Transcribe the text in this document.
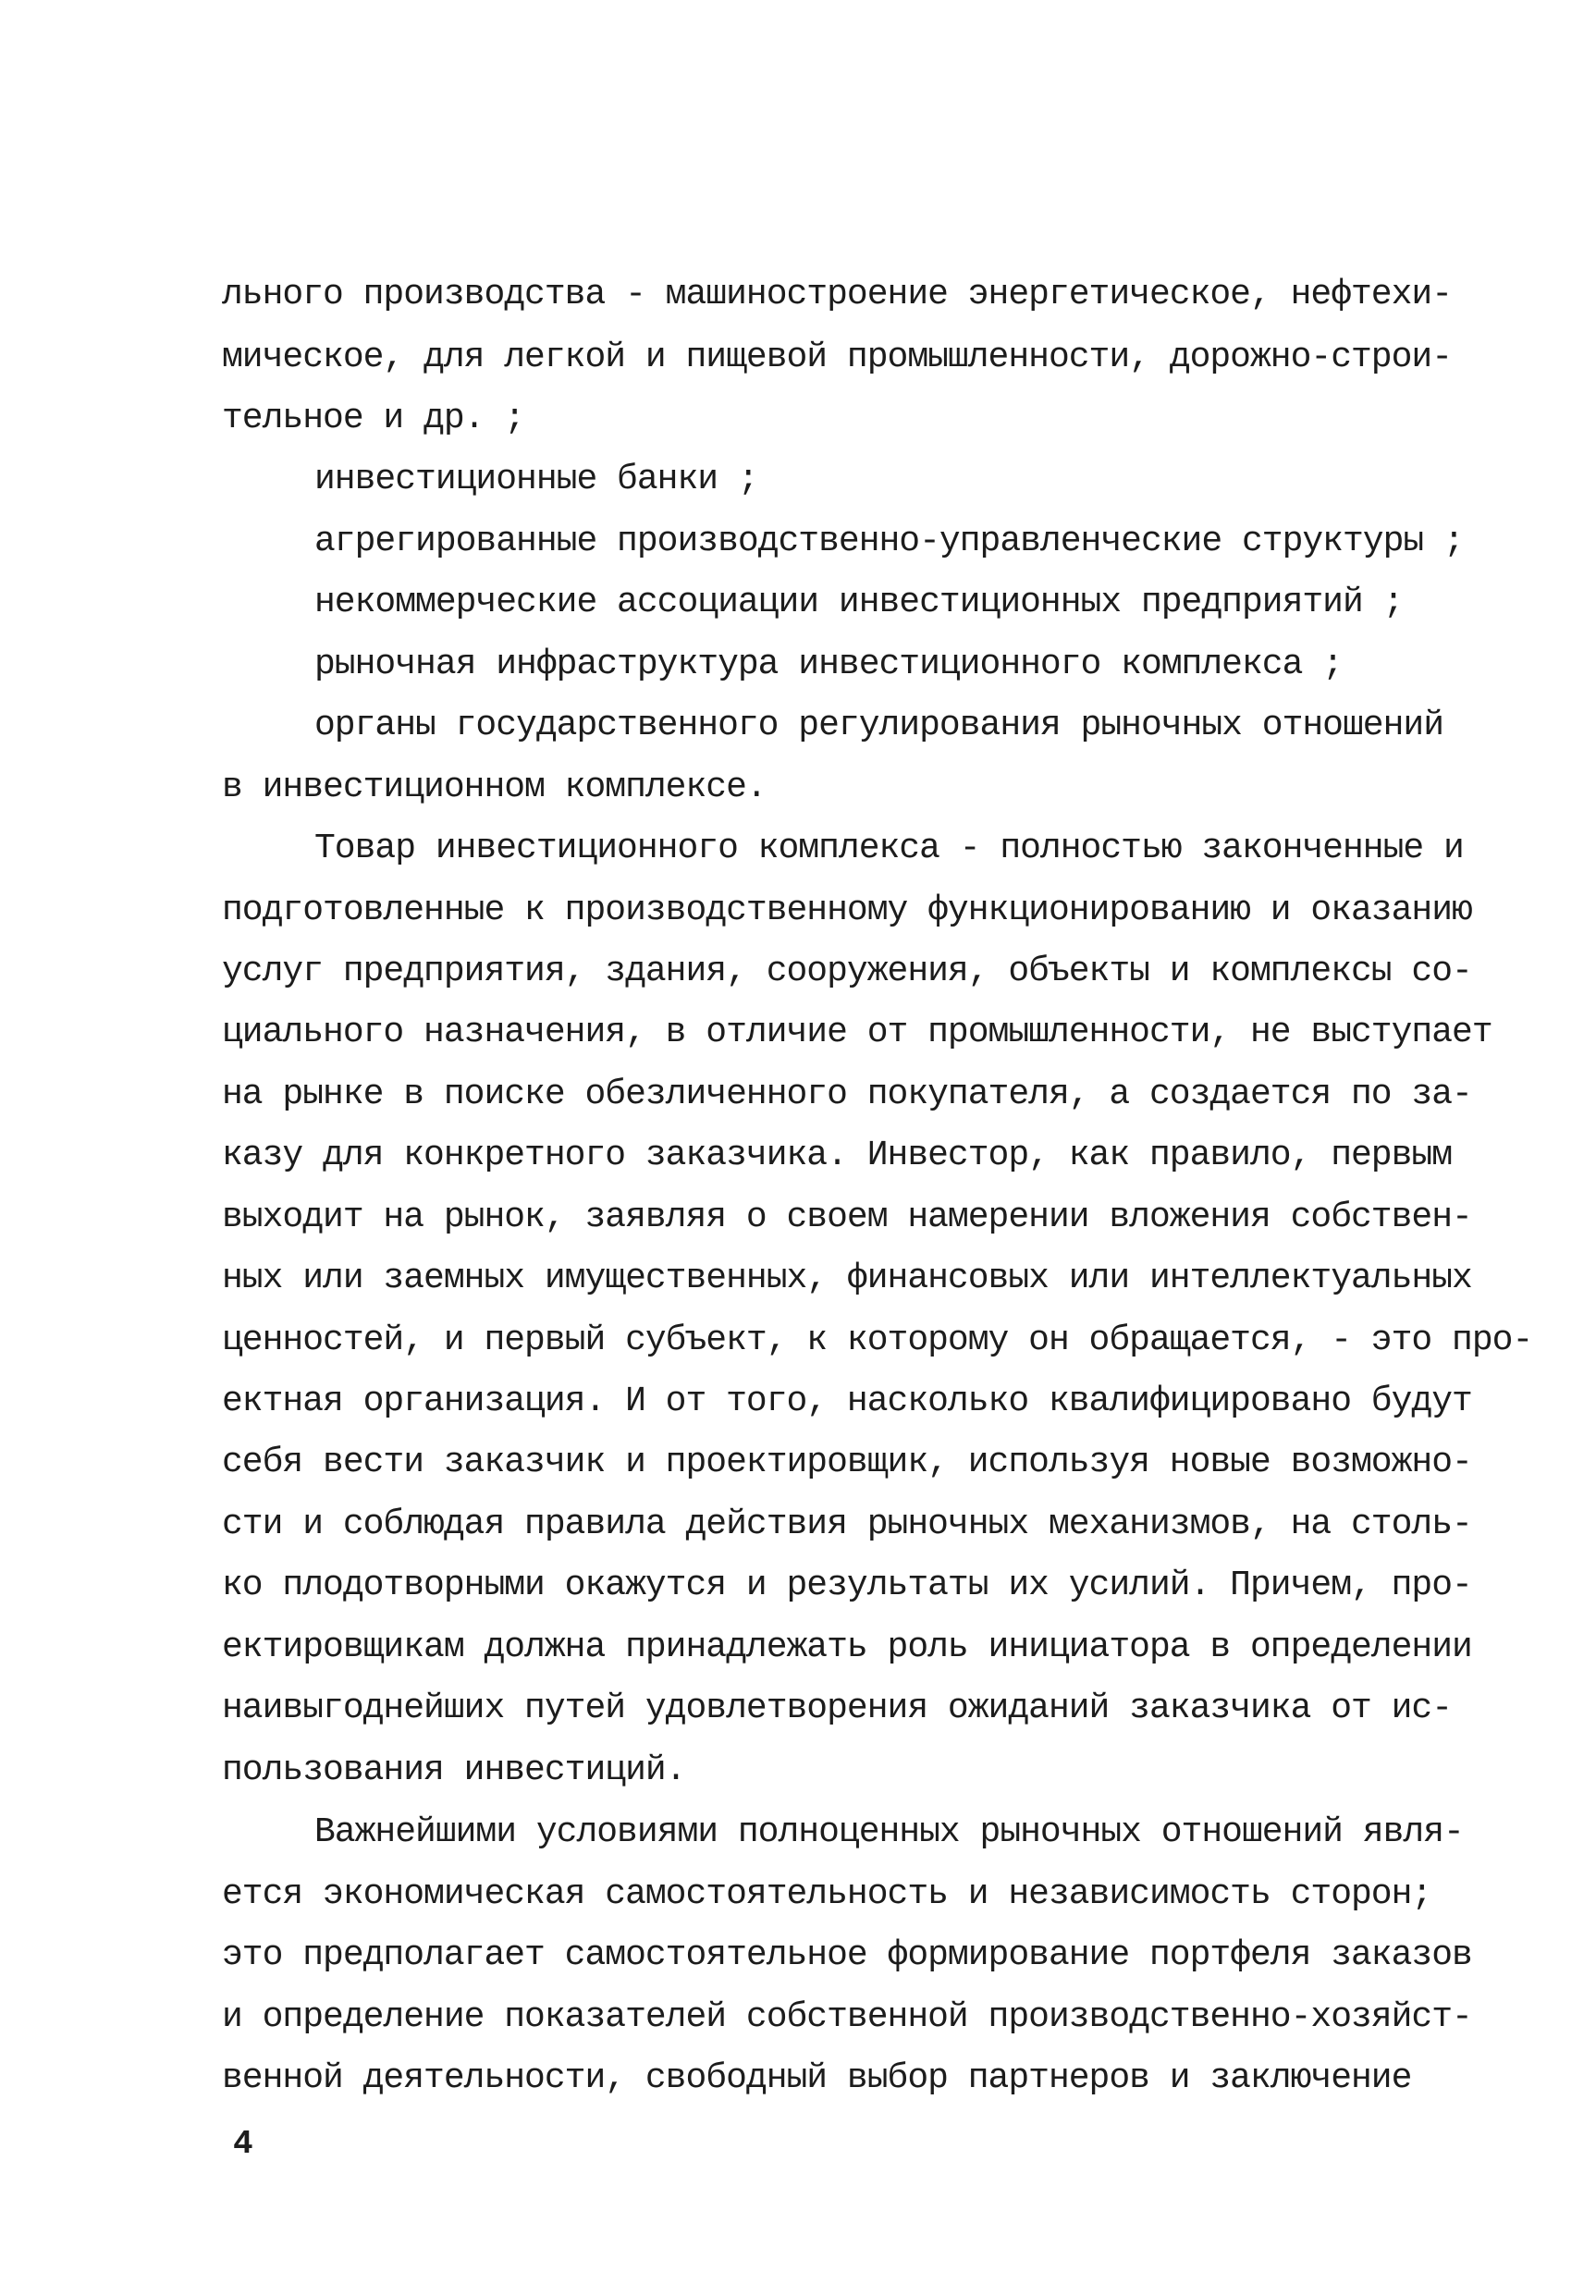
льного производства - машиностроение энергетическое, нефтехи-
мическое, для легкой и пищевой промышленности, дорожно-строи-
тельное и др. ;
инвестиционные банки ;
агрегированные производственно-управленческие структуры ;
некоммерческие ассоциации инвестиционных предприятий ;
рыночная инфраструктура инвестиционного комплекса ;
органы государственного регулирования рыночных отношений
в инвестиционном комплексе.
Товар инвестиционного комплекса - полностью законченные и
подготовленные к производственному функционированию и оказанию
услуг предприятия, здания, сооружения, объекты и комплексы со-
циального назначения, в отличие от промышленности, не выступает
на рынке в поиске обезличенного покупателя, а создается по за-
казу для конкретного заказчика. Инвестор, как правило, первым
выходит на рынок, заявляя о своем намерении вложения собствен-
ных или заемных имущественных, финансовых или интеллектуальных
ценностей, и первый субъект, к которому он обращается, - это про-
ектная организация. И от того, насколько квалифицировано будут
себя вести заказчик и проектировщик, используя новые возможно-
сти и соблюдая правила действия рыночных механизмов, на столь-
ко плодотворными окажутся и результаты их усилий. Причем, про-
ектировщикам должна принадлежать роль инициатора в определении
наивыгоднейших путей удовлетворения ожиданий заказчика от ис-
пользования инвестиций.
Важнейшими условиями полноценных рыночных отношений явля-
ется экономическая самостоятельность и независимость сторон;
это предполагает самостоятельное формирование портфеля заказов
и определение показателей собственной производственно-хозяйст-
венной деятельности, свободный выбор партнеров и заключение
4
